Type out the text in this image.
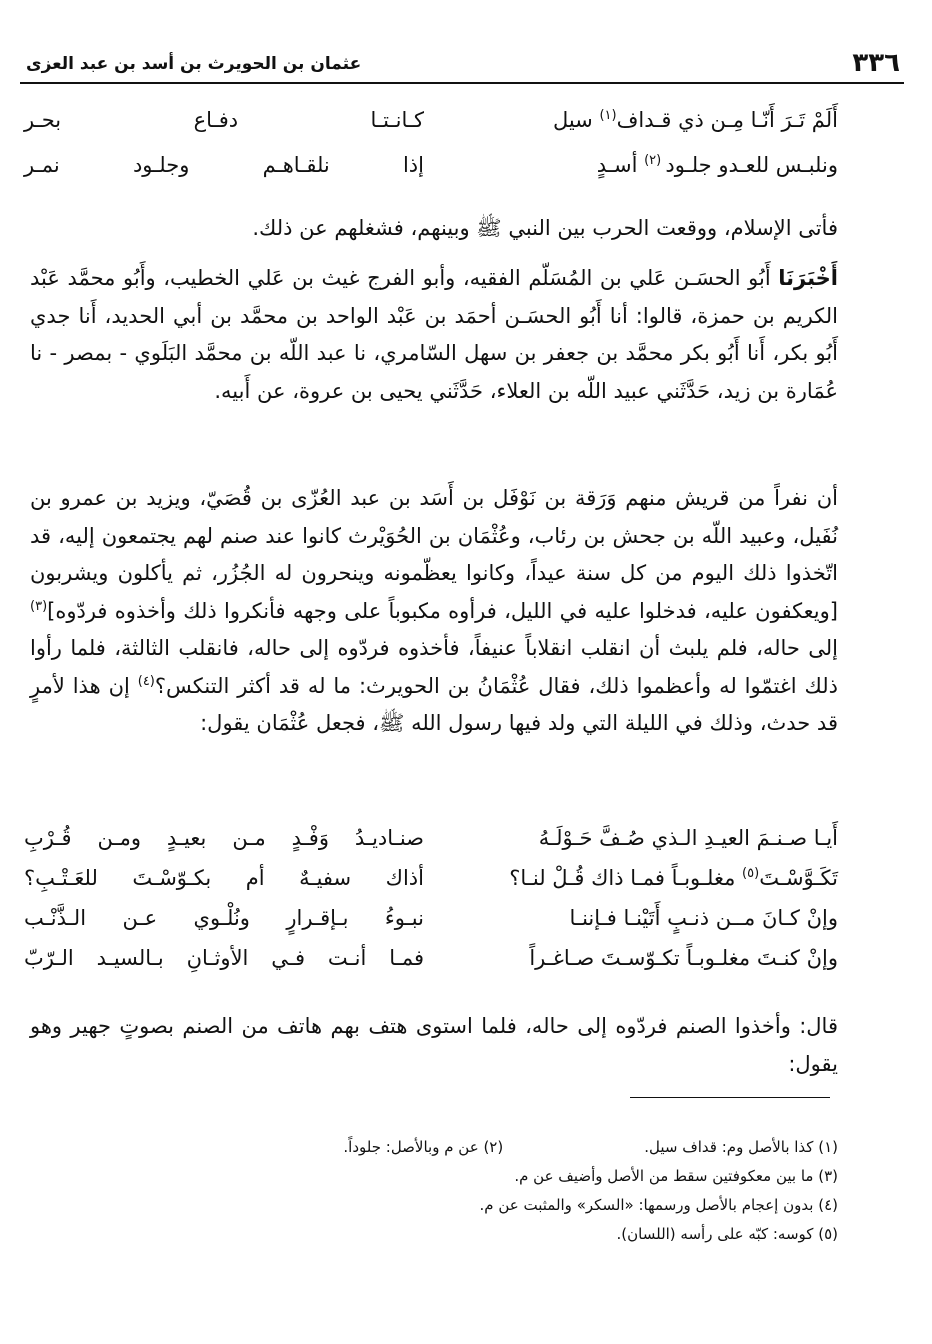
٣٣٦
عثمان بن الحويرث بن أسد بن عبد العزى
أَلَمْ تَـرَ أَنّـا مِـن ذي قـداف$^{(١)}$ سيل
كـانـتـا دفـاع بحـر
ونلبـس للعـدو جلـود $^{(٢)}$ أسـدٍ
إذا نلقـاهـم وجلـود نمـر

فأتى الإسلام، ووقعت الحرب بين النبي ﷺ وبينهم، فشغلهم عن ذلك.

أَخْبَرَنَا أَبُو الحسَـن عَلي بن المُسَلّم الفقيه، وأبو الفرج غيث بن عَلي الخطيب، وأَبُو محمَّد عَبْد الكريم بن حمزة، قالوا: أنا أَبُو الحسَـن أحمَد بن عَبْد الواحد بن محمَّد بن أبي الحديد، أَنا جدي أَبُو بكر، أَنا أَبُو بكر محمَّد بن جعفر بن سهل السّامري، نا عبد اللّه بن محمَّد البَلَوي - بمصر - نا عُمَارة بن زيد، حَدَّثَني عبيد اللّه بن العلاء، حَدَّثَني يحيى بن عروة، عن أَبيه.

أن نفراً من قريش منهم وَرَقة بن نَوْفَل بن أَسَد بن عبد العُزّى بن قُصَيّ، ويزيد بن عمرو بن نُفَيل، وعبيد اللّه بن جحش بن رئاب، وعُثْمَان بن الحُوَيْرث كانوا عند صنم لهم يجتمعون إليه، قد اتّخذوا ذلك اليوم من كل سنة عيداً، وكانوا يعظّمونه وينحرون له الجُزُر، ثم يأكلون ويشربون [ويعكفون عليه، فدخلوا عليه في الليل، فرأوه مكبوباً على وجهه فأنكروا ذلك وأخذوه فردّوه]$^{(٣)}$ إلى حاله، فلم يلبث أن انقلب انقلاباً عنيفاً، فأخذوه فردّوه إلى حاله، فانقلب الثالثة، فلما رأوا ذلك اغتمّوا له وأعظموا ذلك، فقال عُثْمَانُ بن الحويرث: ما له قد أكثر التنكس؟$^{(٤)}$ إن هذا لأمرٍ قد حدث، وذلك في الليلة التي ولد فيها رسول الله ﷺ، فجعل عُثْمَان يقول:

أَيـا صـنـمَ العيـدِ الـذي صُـفَّ حَـوْلَـهُ
صنـاديـدُ وَفْـدٍ مـن بعيـدٍ ومـن قُـرْبِ
تَكَـوَّسْـتَ$^{(٥)}$ مغلـوبـاً فمـا ذاك قُـلْ لنـا؟
أذاك سفيـهٌ أم بكـوّسْـتَ للعَـتْـبِ؟
وإنْ كـانَ مــن ذنـبٍ أَتَيْنـا فـإننـا
نبـوءُ بـإقـرارٍ ونُلْـوي عـن الـذَّنْـب
وإنْ كنـتَ مغلـوبـاً تكـوّسـتَ صـاغـراً
فمـا أنـت فـي الأوثـانِ بـالسيـد الـرّبّ

قال: وأخذوا الصنم فردّوه إلى حاله، فلما استوى هتف بهم هاتف من الصنم بصوتٍ جهير وهو يقول:

(١) كذا بالأصل وم: قداف سيل. (٢) عن م وبالأصل: جلوداً.
(٣) ما بين معكوفتين سقط من الأصل وأضيف عن م.
(٤) بدون إعجام بالأصل ورسمها: «السكر» والمثبت عن م.
(٥) كوسه: كبّه على رأسه (اللسان).
